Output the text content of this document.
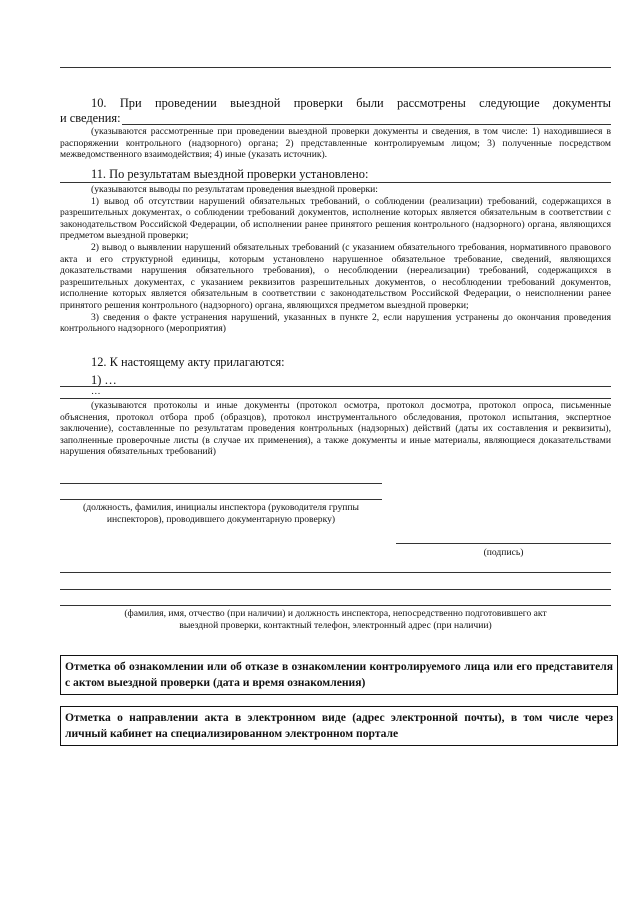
10. При проведении выездной проверки были рассмотрены следующие документы

и сведения:

(указываются рассмотренные при проведении выездной проверки документы и сведения, в том числе: 1) находившиеся в распоряжении контрольного (надзорного) органа; 2) представленные контролируемым лицом; 3) полученные посредством межведомственного взаимодействия; 4) иные (указать источник).
11. По результатам выездной проверки установлено:

(указываются выводы по результатам проведения выездной проверки:

1) вывод об отсутствии нарушений обязательных требований, о соблюдении (реализации) требований, содержащихся в разрешительных документах, о соблюдении требований документов, исполнение которых является обязательным в соответствии с законодательством Российской Федерации, об исполнении ранее принятого решения контрольного (надзорного) органа, являющихся предметом выездной проверки;

2) вывод о выявлении нарушений обязательных требований (с указанием обязательного требования, нормативного правового акта и его структурной единицы, которым установлено нарушенное обязательное требование, сведений, являющихся доказательствами нарушения обязательного требования), о несоблюдении (нереализации) требований, содержащихся в разрешительных документах, с указанием реквизитов разрешительных документов, о несоблюдении требований документов, исполнение которых является обязательным в соответствии с законодательством Российской Федерации, о неисполнении ранее принятого решения контрольного (надзорного) органа, являющихся предметом выездной проверки;

3) сведения о факте устранения нарушений, указанных в пункте 2, если нарушения устранены до окончания проведения контрольного надзорного (мероприятия)

12. К настоящему акту прилагаются:
1) …
…
(указываются протоколы и иные документы (протокол осмотра, протокол досмотра, протокол опроса, письменные объяснения, протокол отбора проб (образцов), протокол инструментального обследования, протокол испытания, экспертное заключение), составленные по результатам проведения контрольных (надзорных) действий (даты их составления и реквизиты), заполненные проверочные листы (в случае их применения), а также документы и иные материалы, являющиеся доказательствами нарушения обязательных требований)

(должность, фамилия, инициалы инспектора (руководителя группы

инспекторов), проводившего документарную проверку)

(подпись)

(фамилия, имя, отчество (при наличии) и должность инспектора, непосредственно подготовившего акт

выездной проверки, контактный телефон, электронный адрес (при наличии)

Отметка об ознакомлении или об отказе в ознакомлении контролируемого лица или его представителя с актом выездной проверки (дата и время ознакомления)
Отметка о направлении акта в электронном виде (адрес электронной почты), в том числе через личный кабинет на специализированном электронном портале
